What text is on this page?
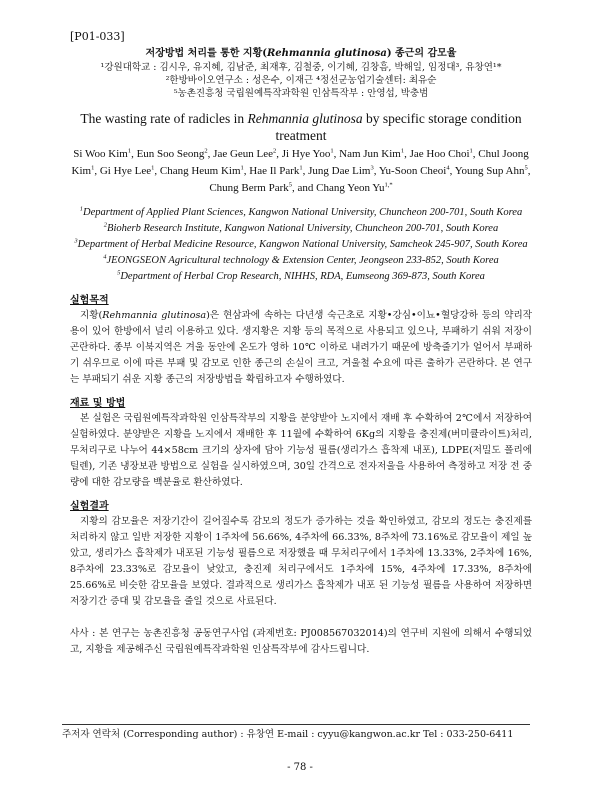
[P01-033]
저장방법 처리를 통한 지황(Rehmannia glutinosa) 종근의 감모율
¹강원대학교 : 김시우, 유지혜, 김남준, 최재후, 김철중, 이기혜, 김창흠, 박해일, 임정대³, 유창연¹*
²한방바이오연구소 : 성은수, 이재근 ⁴정선군농업기술센터: 최유순
⁵농촌진흥청 국립원예특작과학원 인삼특작부 : 안영섭, 박충범
The wasting rate of radicles in Rehmannia glutinosa by specific storage condition treatment
Si Woo Kim$^1$, Eun Soo Seong$^2$, Jae Geun Lee$^2$, Ji Hye Yoo$^1$, Nam Jun Kim$^1$, Jae Hoo Choi$^1$, Chul Joong Kim$^1$, Gi Hye Lee$^1$, Chang Heum Kim$^1$, Hae Il Park$^1$, Jung Dae Lim$^3$, Yu-Soon Cheoi$^4$, Young Sup Ahn$^5$, Chung Berm Park$^5$, and Chang Yeon $Yu^{1,*}$
$^1$Department of Applied Plant Sciences, Kangwon National University, Chuncheon 200-701, South Korea
$^2$Bioherb Research Institute, Kangwon National University, Chuncheon 200-701, South Korea
$^3$Department of Herbal Medicine Resource, Kangwon National University, Samcheok 245-907, South Korea
$^4$JEONGSEON Agricultural technology & Extension Center, Jeongseon 233-852, South Korea
$^5$Department of Herbal Crop Research, NIHHS, RDA, Eumseong 369-873, South Korea
실험목적
지황(Rehmannia glutinosa)은 현삼과에 속하는 다년생 숙근초로 지황•강심•이뇨•혈당강하 등의 약리작용이 있어 한방에서 널리 이용하고 있다. 생지황은 지황 등의 목적으로 사용되고 있으나, 부패하기 쉬워 저장이 곤란하다. 종부 이북지역은 겨울 동안에 온도가 영하 10℃ 이하로 내려가기 때문에 방축줄기가 얼어서 부패하기 쉬우므로 이에 따른 부패 및 감모로 인한 종근의 손실이 크고, 겨울철 수요에 따른 출하가 곤란하다. 본 연구는 부패되기 쉬운 지황 종근의 저장방법을 확립하고자 수행하였다.
재료 및 방법
본 실험은 국립원예특작과학원 인삼특작부의 지황을 분양받아 노지에서 재배 후 수확하여 2℃에서 저장하여 실험하였다. 분양받은 지황을 노지에서 재배한 후 11월에 수확하여 6Kg의 지황을 충진제(버미큘라이트)처리, 무처리구로 나누어 44×58cm 크기의 상자에 담아 기능성 필름(생리가스 흡착제 내포), LDPE(저밀도 폴리에틸렌), 기존 냉장보관 방법으로 실험을 실시하였으며, 30일 간격으로 전자저울을 사용하여 측정하고 저장 전 중량에 대한 감모량을 백분율로 환산하였다.
실험결과
지황의 감모율은 저장기간이 길어질수록 감모의 정도가 증가하는 것을 확인하였고, 감모의 정도는 충진제를 처리하지 않고 일반 저장한 지황이 1주차에 56.66%, 4주차에 66.33%, 8주차에 73.16%로 감모율이 제일 높았고, 생리가스 흡착제가 내포된 기능성 필름으로 저장했을 때 무처리구에서 1주차에 13.33%, 2주차에 16%, 8주차에 23.33%로 감모율이 낮았고, 충진제 처리구에서도 1주차에 15%, 4주차에 17.33%, 8주차에 25.66%로 비슷한 감모율을 보였다. 결과적으로 생리가스 흡착제가 내포 된 기능성 필름을 사용하여 저장하면 저장기간 증대 및 감모율을 줄일 것으로 사료된다.
사사 : 본 연구는 농촌진흥청 공동연구사업 (과제번호: PJ008567032014)의 연구비 지원에 의해서 수행되었고, 지황을 제공해주신 국립원예특작과학원 인삼특작부에 감사드립니다.
주저자 연락처 (Corresponding author) : 유창연 E-mail : cyyu@kangwon.ac.kr Tel : 033-250-6411
- 78 -
